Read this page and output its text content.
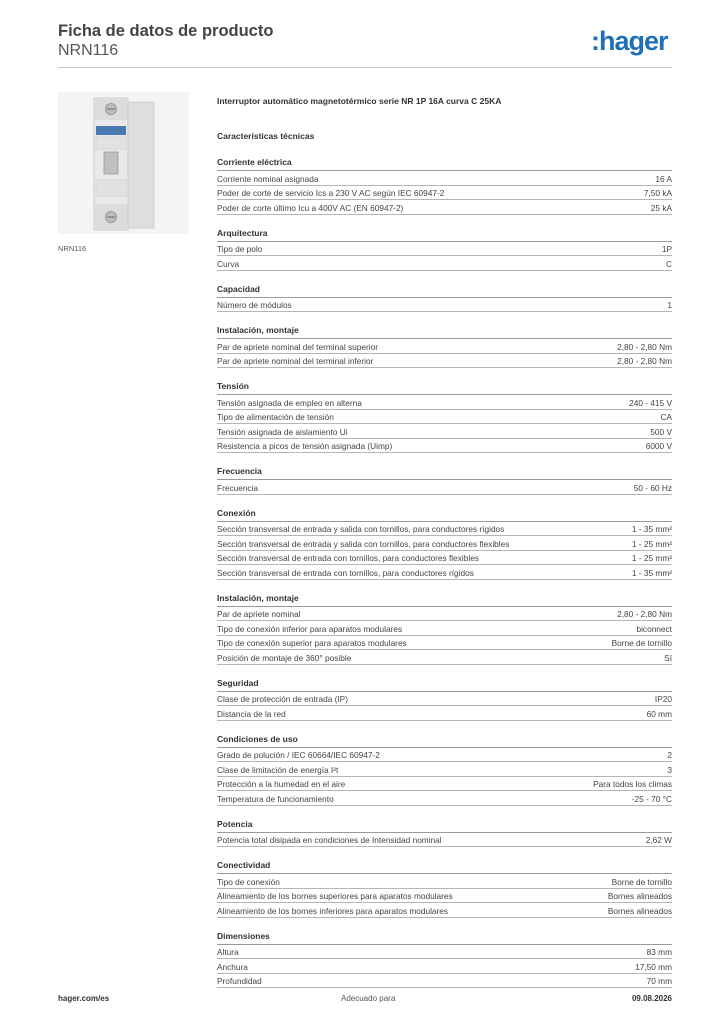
Ficha de datos de producto
NRN116	:hager
NRN116
Interruptor automático magnetotérmico serie NR 1P 16A curva C 25KA
Características técnicas
Corriente eléctrica
Corriente nominal asignada	16 A
Poder de corte de servicio Ics a 230 V AC según IEC 60947-2	7,50 kA
Poder de corte último Icu a 400V AC (EN 60947-2)	25 kA
Arquitectura
Tipo de polo	1P
Curva	C
Capacidad
Número de módulos	1
Instalación, montaje
Par de apriete nominal del terminal superior	2,80 - 2,80 Nm
Par de apriete nominal del terminal inferior	2,80 - 2,80 Nm
Tensión
Tensión asignada de empleo en alterna	240 - 415 V
Tipo de alimentación de tensión	CA
Tensión asignada de aislamiento Ui	500 V
Resistencia a picos de tensión asignada (Uimp)	6000 V
Frecuencia
Frecuencia	50 - 60 Hz
Conexión
Sección transversal de entrada y salida con tornillos, para conductores rígidos	1 - 35 mm²
Sección transversal de entrada y salida con tornillos, para conductores flexibles	1 - 25 mm²
Sección transversal de entrada con tornillos, para conductores flexibles	1 - 25 mm²
Sección transversal de entrada con tornillos, para conductores rígidos	1 - 35 mm²
Instalación, montaje
Par de apriete nominal	2,80 - 2,80 Nm
Tipo de conexión inferior para aparatos modulares	biconnect
Tipo de conexión superior para aparatos modulares	Borne de tornillo
Posición de montaje de 360° posible	Sí
Seguridad
Clase de protección de entrada (IP)	IP20
Distancia de la red	60 mm
Condiciones de uso
Grado de polución / IEC 60664/IEC 60947-2	2
Clase de limitación de energía I²t	3
Protección a la humedad en el aire	Para todos los climas
Temperatura de funcionamiento	-25 - 70 °C
Potencia
Potencia total disipada en condiciones de Intensidad nominal	2,62 W
Conectividad
Tipo de conexión	Borne de tornillo
Alineamiento de los bornes superiores para aparatos modulares	Bornes alineados
Alineamiento de los bornes inferiores para aparatos modulares	Bornes alineados
Dimensiones
Altura	83 mm
Anchura	17,50 mm
Profundidad	70 mm
hager.com/es	Adecuado para	09.08.2026
